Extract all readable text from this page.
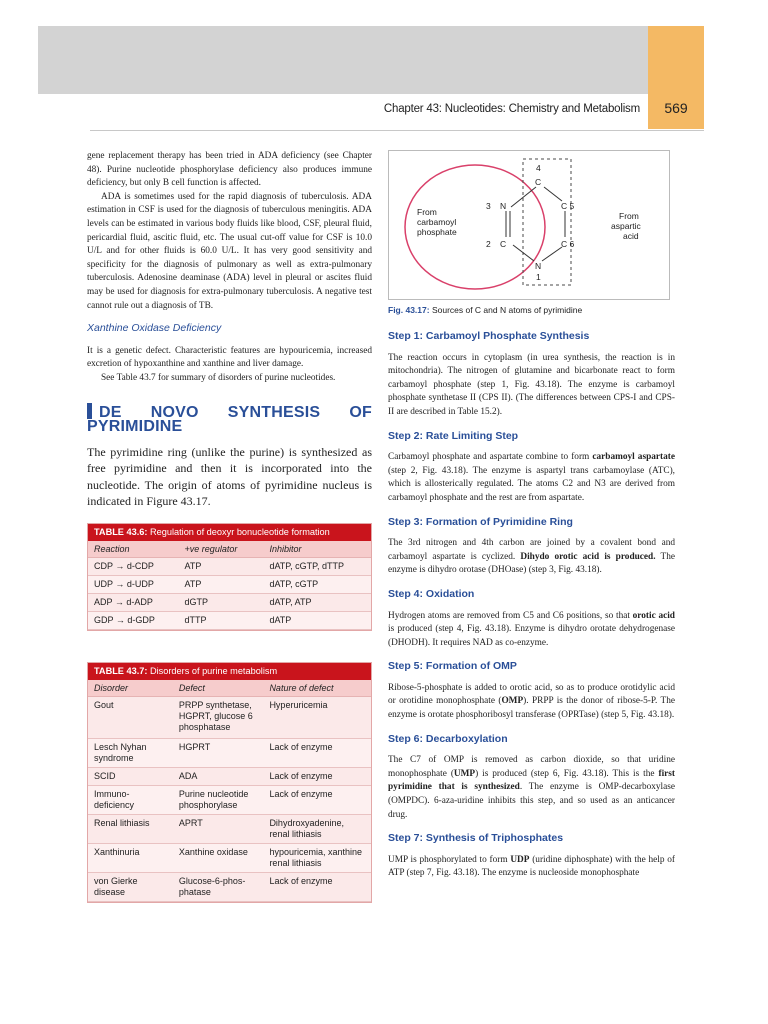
Chapter 43: Nucleotides: Chemistry and Metabolism	569

gene replacement therapy has been tried in ADA deficiency (see Chapter 48). Purine nucleotide phosphorylase deficiency also produces immune deficiency, but only B cell function is affected.

ADA is sometimes used for the rapid diagnosis of tuberculosis. ADA estimation in CSF is used for the diagnosis of tuberculous meningitis. ADA levels can be estimated in various body fluids like blood, CSF, pleural fluid, pericardial fluid, ascitic fluid, etc. The usual cut-off value for CSF is 10.0 U/L and for other fluids is 60.0 U/L. It has very good sensitivity and specificity for the diagnosis of pulmonary as well as extra-pulmonary tuberculosis. Adenosine deaminase (ADA) level in pleural or ascites fluid may be used for diagnosis for extra-pulmonary tuberculosis. A negative test cannot rule out a diagnosis of TB.

Xanthine Oxidase Deficiency

It is a genetic defect. Characteristic features are hypouricemia, increased excretion of hypoxanthine and xanthine and liver damage.

See Table 43.7 for summary of disorders of purine nucleotides.

DE NOVO SYNTHESIS OF PYRIMIDINE

The pyrimidine ring (unlike the purine) is synthesized as free pyrimidine and then it is incorporated into the nucleotide. The origin of atoms of pyrimidine nucleus is indicated in Figure 43.17.

TABLE 43.6: Regulation of deoxyr bonucleotide formation
Reaction	+ve regulator	Inhibitor
CDP → d-CDP	ATP	dATP, cGTP, dTTP
UDP → d-UDP	ATP	dATP, cGTP
ADP → d-ADP	dGTP	dATP, ATP
GDP → d-GDP	dTTP	dATP
TABLE 43.7: Disorders of purine metabolism
Disorder	Defect	Nature of defect
Gout	PRPP synthetase, HGPRT, glucose 6 phosphatase	Hyperuricemia
Lesch Nyhan syndrome	HGPRT	Lack of enzyme
SCID	ADA	Lack of enzyme
Immuno-deficiency	Purine nucleotide phosphorylase	Lack of enzyme
Renal lithiasis	APRT	Dihydroxyadenine, renal lithiasis
Xanthinuria	Xanthine oxidase	hypouricemia, xanthine renal lithiasis
von Gierke disease	Glucose-6-phos-phatase	Lack of enzyme
4
C
3 N	C 5
2 C	C 6
N
1
From
carbamoyl
phosphate
From
aspartic
acid
Fig. 43.17: Sources of C and N atoms of pyrimidine
Step 1: Carbamoyl Phosphate Synthesis

The reaction occurs in cytoplasm (in urea synthesis, the reaction is in mitochondria). The nitrogen of glutamine and bicarbonate react to form carbamoyl phosphate (step 1, Fig. 43.18). The enzyme is carbamoyl phosphate synthetase II (CPS II). (The differences between CPS-I and CPS-II are described in Table 15.2).

Step 2: Rate Limiting Step

Carbamoyl phosphate and aspartate combine to form carbamoyl aspartate (step 2, Fig. 43.18). The enzyme is aspartyl trans carbamoylase (ATC), which is allosterically regulated. The atoms C2 and N3 are derived from carbamoyl phosphate and the rest are from aspartate.

Step 3: Formation of Pyrimidine Ring

The 3rd nitrogen and 4th carbon are joined by a covalent bond and carbamoyl aspartate is cyclized. Dihydo orotic acid is produced. The enzyme is dihydro orotase (DHOase) (step 3, Fig. 43.18).

Step 4: Oxidation

Hydrogen atoms are removed from C5 and C6 positions, so that orotic acid is produced (step 4, Fig. 43.18). Enzyme is dihydro orotate dehydrogenase (DHODH). It requires NAD as co-enzyme.

Step 5: Formation of OMP

Ribose-5-phosphate is added to orotic acid, so as to produce orotidylic acid or orotidine monophosphate (OMP). PRPP is the donor of ribose-5-P. The enzyme is orotate phosphoribosyl transferase (OPRTase) (step 5, Fig. 43.18).

Step 6: Decarboxylation

The C7 of OMP is removed as carbon dioxide, so that uridine monophosphate (UMP) is produced (step 6, Fig. 43.18). This is the first pyrimidine that is synthesized. The enzyme is OMP-decarboxylase (OMPDC). 6-aza-uridine inhibits this step, and so used as an anticancer drug.

Step 7: Synthesis of Triphosphates

UMP is phosphorylated to form UDP (uridine diphosphate) with the help of ATP (step 7, Fig. 43.18). The enzyme is nucleoside monophosphate
